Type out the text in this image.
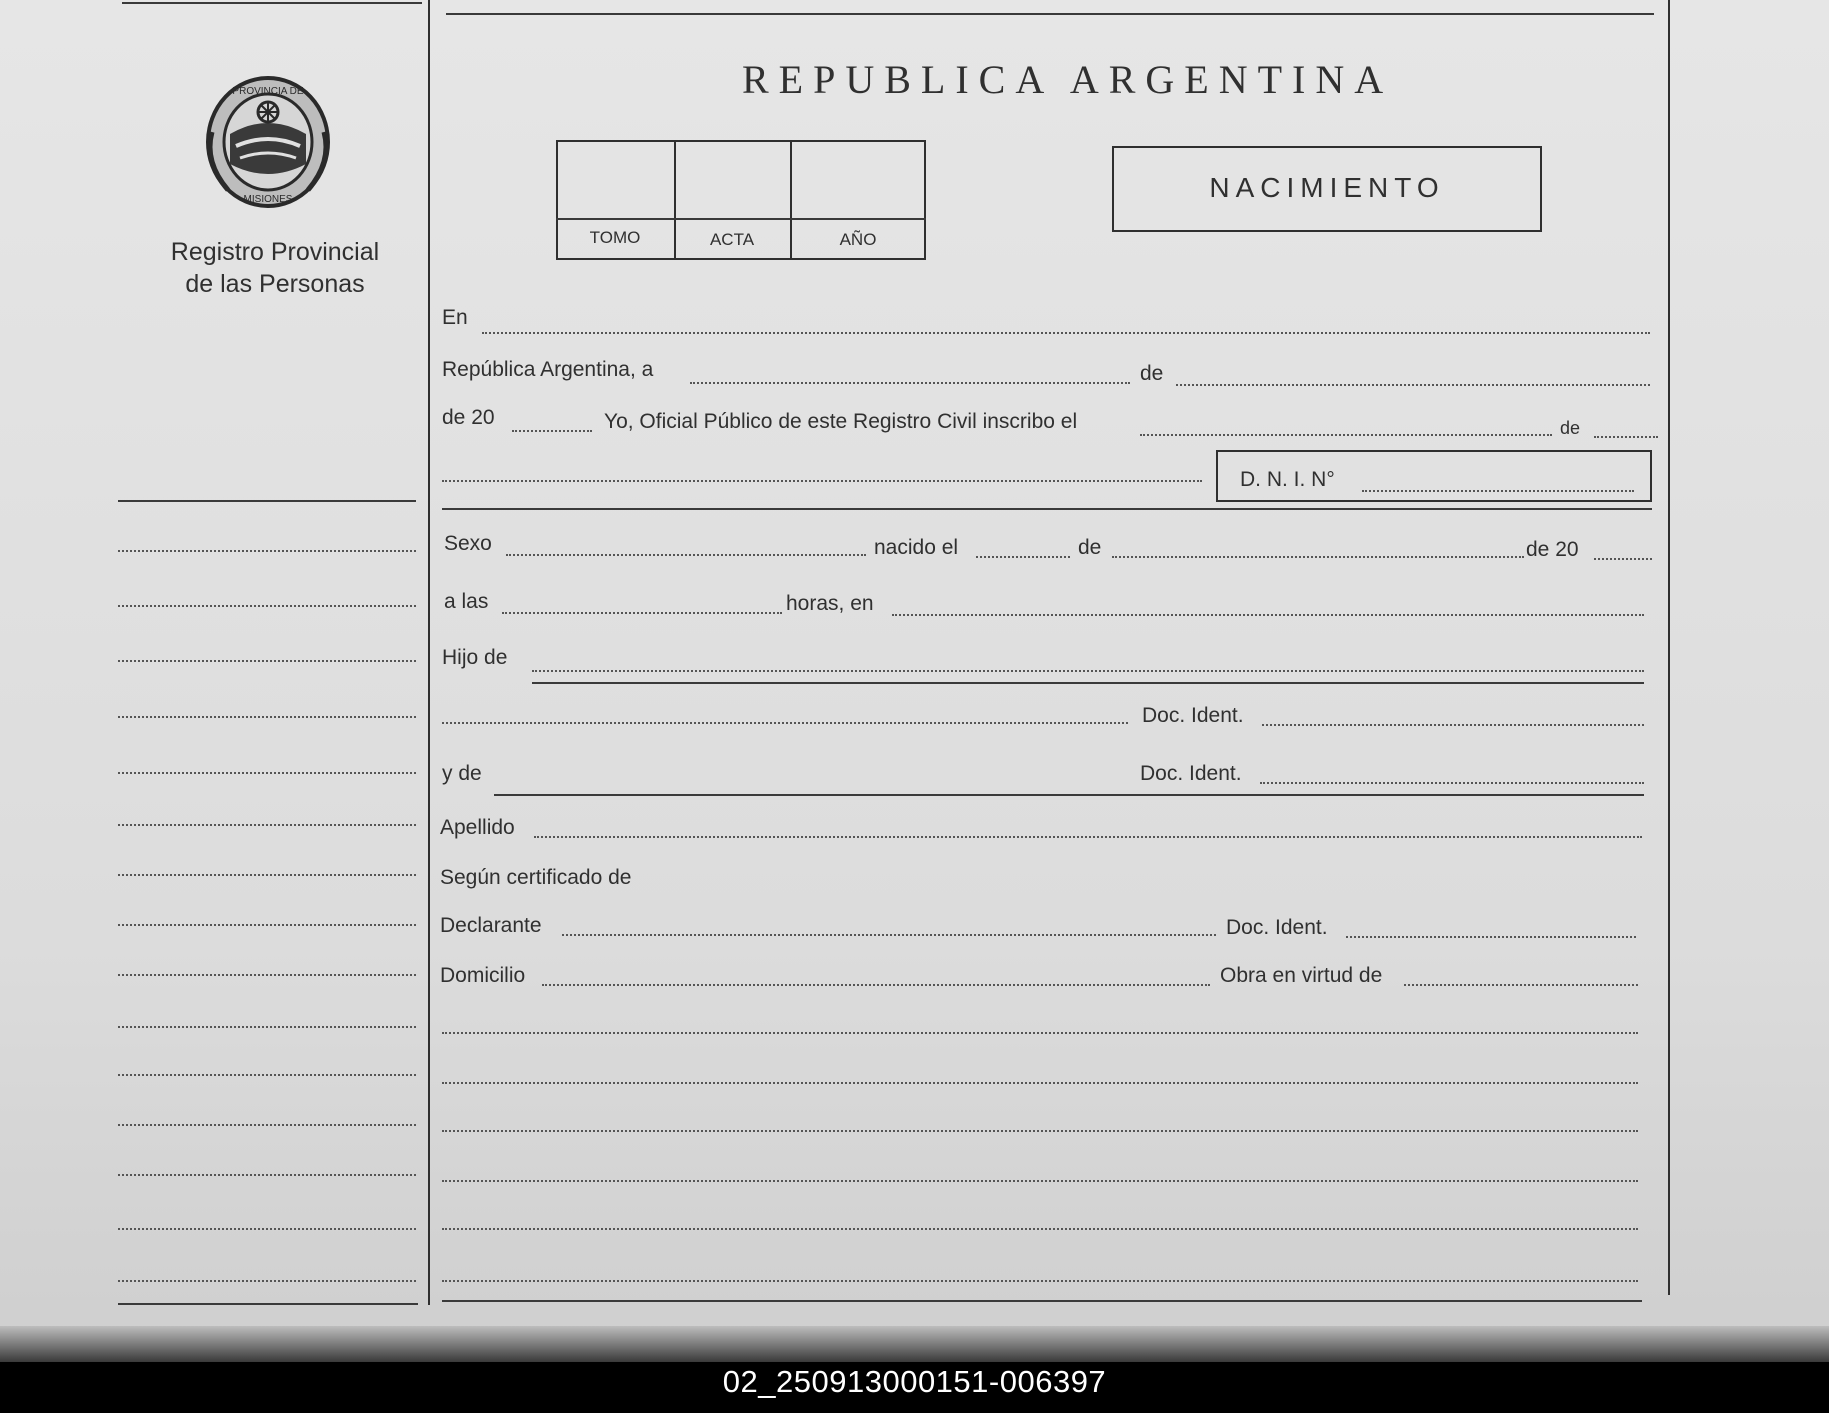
PROVINCIA DE
MISIONES
Registro Provincial
de las Personas
REPUBLICA ARGENTINA
TOMO	ACTA	AÑO
NACIMIENTO
En
República Argentina, a	de
de 20	Yo, Oficial Público de este Registro Civil inscribo el	de
D. N. I. N°
Sexo	nacido el	de	de 20
a las	horas, en
Hijo de
Doc. Ident.
y de	Doc. Ident.
Apellido
Según certificado de
Declarante	Doc. Ident.
Domicilio	Obra en virtud de
02_250913000151-006397
